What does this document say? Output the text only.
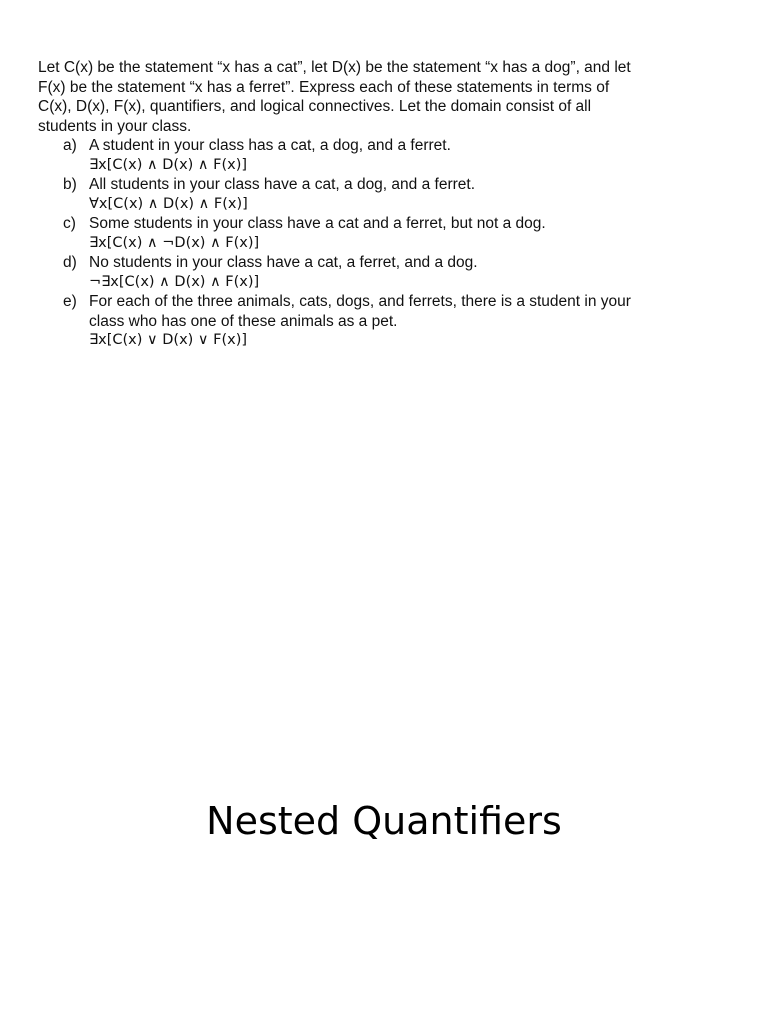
Let C(x) be the statement “x has a cat”, let D(x) be the statement “x has a dog”, and let
F(x) be the statement “x has a ferret”. Express each of these statements in terms of
C(x), D(x), F(x), quantifiers, and logical connectives. Let the domain consist of all
students in your class.
a) A student in your class has a cat, a dog, and a ferret.
∃x[C(x) ∧ D(x) ∧ F(x)]
b) All students in your class have a cat, a dog, and a ferret.
∀x[C(x) ∧ D(x) ∧ F(x)]
c) Some students in your class have a cat and a ferret, but not a dog.
∃x[C(x) ∧ ¬D(x) ∧ F(x)]
d) No students in your class have a cat, a ferret, and a dog.
¬∃x[C(x) ∧ D(x) ∧ F(x)]
e) For each of the three animals, cats, dogs, and ferrets, there is a student in your
class who has one of these animals as a pet.
∃x[C(x) ∨ D(x) ∨ F(x)]
Nested Quantifiers
